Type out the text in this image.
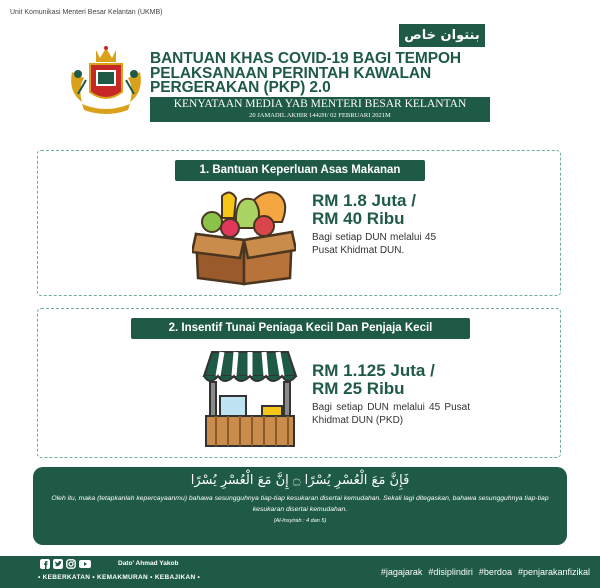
Unit Komunikasi Menteri Besar Kelantan (UKMB)
بنتوان خاص
BANTUAN KHAS COVID-19 BAGI TEMPOH
PELAKSANAAN PERINTAH KAWALAN
PERGERAKAN (PKP) 2.0
KENYATAAN MEDIA YAB MENTERI BESAR KELANTAN
20 JAMADIL AKHIR 1442H/ 02 FEBRUARI 2021M
1. Bantuan Keperluan Asas Makanan
RM 1.8 Juta /
RM 40 Ribu
Bagi setiap DUN melalui 45 Pusat Khidmat DUN.
2. Insentif Tunai Peniaga Kecil Dan Penjaja Kecil
RM 1.125 Juta /
RM 25 Ribu
Bagi setiap DUN melalui 45 Pusat Khidmat DUN (PKD)
فَإِنَّ مَعَ الْعُسْرِ يُسْرًا ۝ إِنَّ مَعَ الْعُسْرِ يُسْرًا
Oleh itu, maka (tetapkanlah kepercayaanmu) bahawa sesungguhnya tiap-tiap kesukaran disertai kemudahan. Sekali lagi ditegaskan, bahawa sesungguhnya tiap-tiap kesukaran disertai kemudahan.
(Al-Insyirah : 4 dan 5)
Dato' Ahmad Yakob
• KEBERKATAN • KEMAKMURAN • KEBAJIKAN •
#jagajarak #disiplindiri #berdoa #penjarakanfizikal
